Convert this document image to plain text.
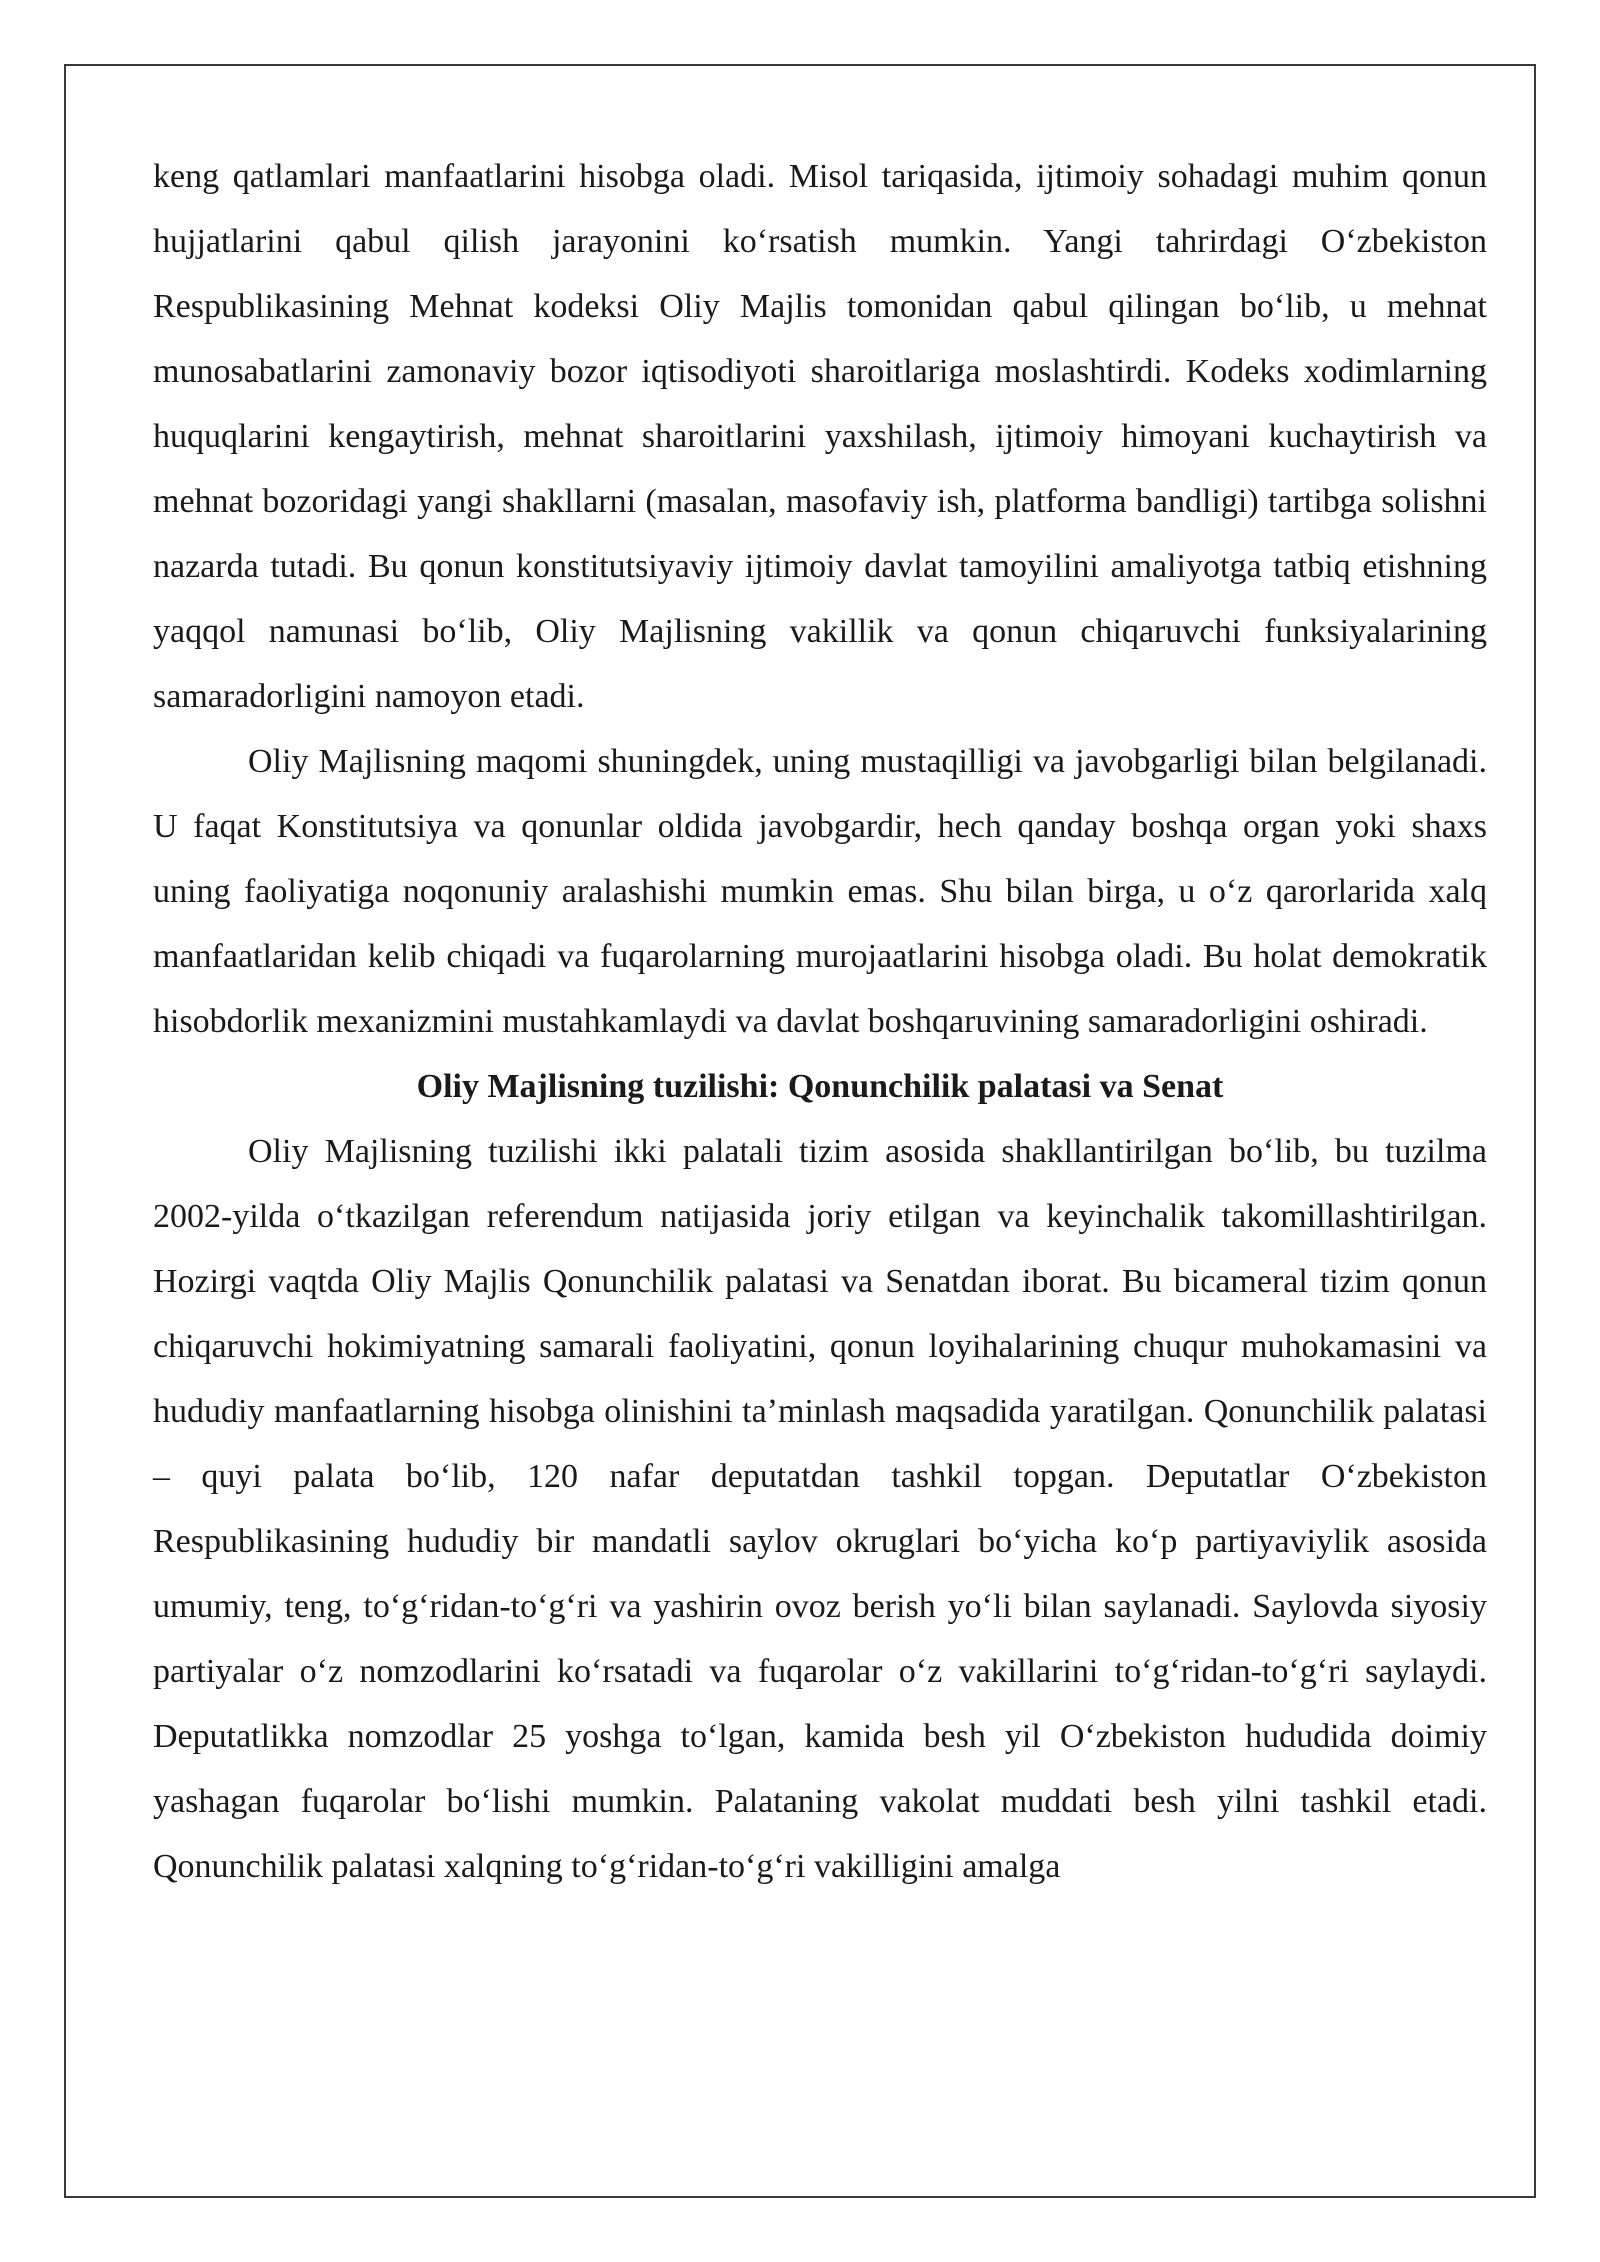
keng qatlamlari manfaatlarini hisobga oladi. Misol tariqasida, ijtimoiy sohadagi muhim qonun hujjatlarini qabul qilish jarayonini koʻrsatish mumkin. Yangi tahrirdagi Oʻzbekiston Respublikasining Mehnat kodeksi Oliy Majlis tomonidan qabul qilingan boʻlib, u mehnat munosabatlarini zamonaviy bozor iqtisodiyoti sharoitlariga moslashtirdi. Kodeks xodimlarning huquqlarini kengaytirish, mehnat sharoitlarini yaxshilash, ijtimoiy himoyani kuchaytirish va mehnat bozoridagi yangi shakllarni (masalan, masofaviy ish, platforma bandligi) tartibga solishni nazarda tutadi. Bu qonun konstitutsiyaviy ijtimoiy davlat tamoyilini amaliyotga tatbiq etishning yaqqol namunasi boʻlib, Oliy Majlisning vakillik va qonun chiqaruvchi funksiyalarining samaradorligini namoyon etadi.

Oliy Majlisning maqomi shuningdek, uning mustaqilligi va javobgarligi bilan belgilanadi. U faqat Konstitutsiya va qonunlar oldida javobgardir, hech qanday boshqa organ yoki shaxs uning faoliyatiga noqonuniy aralashishi mumkin emas. Shu bilan birga, u oʻz qarorlarida xalq manfaatlaridan kelib chiqadi va fuqarolarning murojaatlarini hisobga oladi. Bu holat demokratik hisobdorlik mexanizmini mustahkamlaydi va davlat boshqaruvining samaradorligini oshiradi.

Oliy Majlisning tuzilishi: Qonunchilik palatasi va Senat

Oliy Majlisning tuzilishi ikki palatali tizim asosida shakllantirilgan boʻlib, bu tuzilma 2002-yilda oʻtkazilgan referendum natijasida joriy etilgan va keyinchalik takomillashtirilgan. Hozirgi vaqtda Oliy Majlis Qonunchilik palatasi va Senatdan iborat. Bu bicameral tizim qonun chiqaruvchi hokimiyatning samarali faoliyatini, qonun loyihalarining chuqur muhokamasini va hududiy manfaatlarning hisobga olinishini taʼminlash maqsadida yaratilgan. Qonunchilik palatasi – quyi palata boʻlib, 120 nafar deputatdan tashkil topgan. Deputatlar Oʻzbekiston Respublikasining hududiy bir mandatli saylov okruglari boʻyicha koʻp partiyaviylik asosida umumiy, teng, toʻgʻridan-toʻgʻri va yashirin ovoz berish yoʻli bilan saylanadi. Saylovda siyosiy partiyalar oʻz nomzodlarini koʻrsatadi va fuqarolar oʻz vakillarini toʻgʻridan-toʻgʻri saylaydi. Deputatlikka nomzodlar 25 yoshga toʻlgan, kamida besh yil Oʻzbekiston hududida doimiy yashagan fuqarolar boʻlishi mumkin. Palataning vakolat muddati besh yilni tashkil etadi. Qonunchilik palatasi xalqning toʻgʻridan-toʻgʻri vakilligini amalga
